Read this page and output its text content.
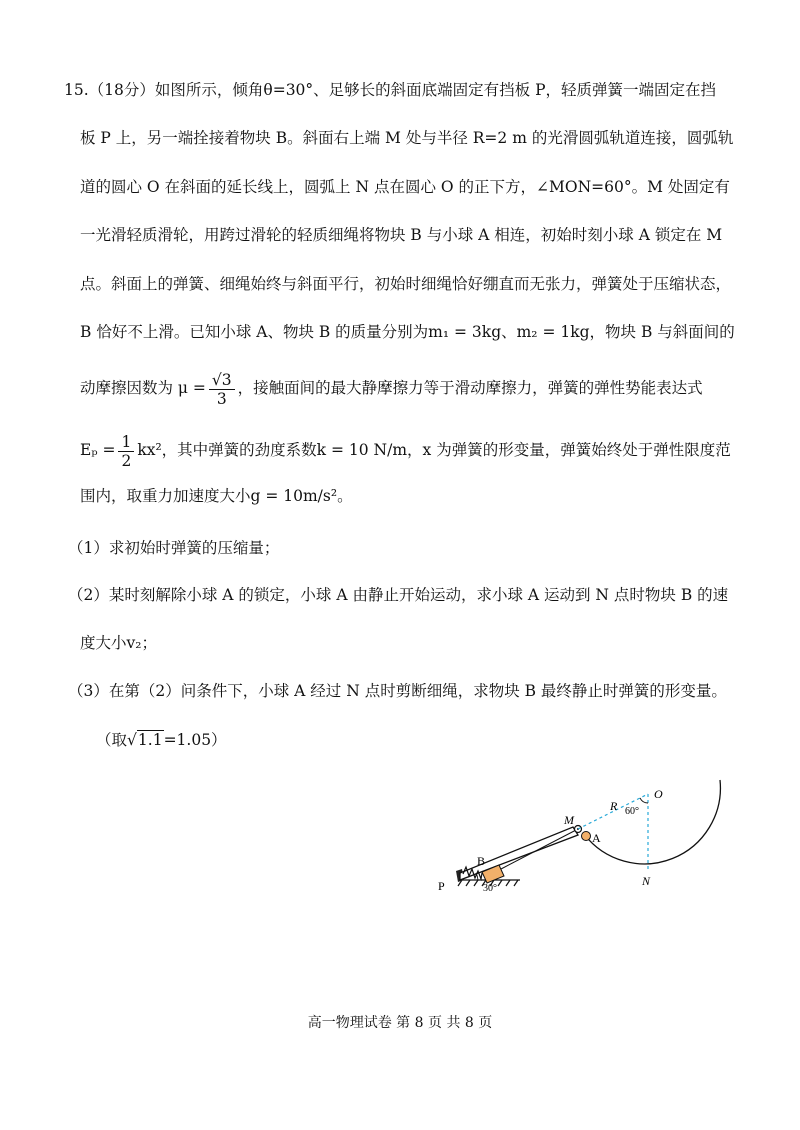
15.（18分）如图所示，倾角θ=30°、足够长的斜面底端固定有挡板 P，轻质弹簧一端固定在挡
板 P 上，另一端拴接着物块 B。斜面右上端 M 处与半径 R=2 m 的光滑圆弧轨道连接，圆弧轨
道的圆心 O 在斜面的延长线上，圆弧上 N 点在圆心 O 的正下方，∠MON=60°。M 处固定有
一光滑轻质滑轮，用跨过滑轮的轻质细绳将物块 B 与小球 A 相连，初始时刻小球 A 锁定在 M
点。斜面上的弹簧、细绳始终与斜面平行，初始时细绳恰好绷直而无张力，弹簧处于压缩状态，
B 恰好不上滑。已知小球 A、物块 B 的质量分别为m₁ = 3kg、m₂ = 1kg，物块 B 与斜面间的
动摩擦因数为 $\mu = \frac{√3}{3}$ ，接触面间的最大静摩擦力等于滑动摩擦力，弹簧的弹性势能表达式
$E_p = \frac{1}{2} kx^2$，其中弹簧的劲度系数k = 10 N/m，x 为弹簧的形变量，弹簧始终处于弹性限度范
围内，取重力加速度大小g = 10m/s²。
（1）求初始时弹簧的压缩量；
（2）某时刻解除小球 A 的锁定，小球 A 由静止开始运动，求小球 A 运动到 N 点时物块 B 的速
度大小v₂；
（3）在第（2）问条件下，小球 A 经过 N 点时剪断细绳，求物块 B 最终静止时弹簧的形变量。
（取√1.1=1.05）
P
B
M
A
R
O
N
60°
30°
高一物理试卷 第 8 页 共 8 页
